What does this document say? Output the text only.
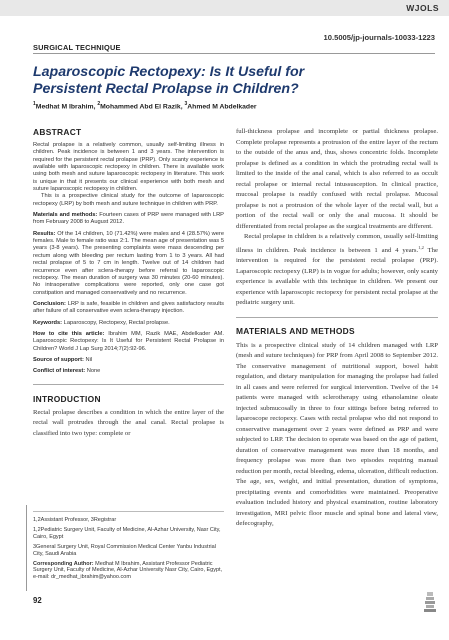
WJOLS
10.5005/jp-journals-10033-1223
SURGICAL TECHNIQUE
Laparoscopic Rectopexy: Is It Useful for Persistent Rectal Prolapse in Children?
$^1$Medhat M Ibrahim, $^2$Mohammed Abd El Razik, $^3$Ahmed M Abdelkader
ABSTRACT

Rectal prolapse is a relatively common, usually self-limiting illness in children. Peak incidence is between 1 and 3 years. The intervention is required for the persistent rectal prolapse (PRP). Only scanty experience is available with laparoscopic rectopexy in children. There is available work using both mesh and suture laparoscopic rectopexy in literature. This work is unique in that it presents our clinical experience with both mesh and suture laparoscopic rectopexy in children.

This is a prospective clinical study for the outcome of laparoscopic rectopexy (LRP) by both mesh and suture technique in children with PRP.

Materials and methods: Fourteen cases of PRP were managed with LRP from February 2008 to August 2012.

Results: Of the 14 children, 10 (71.42%) were males and 4 (28.57%) were females. Male to female ratio was 2:1. The mean age of presentation was 5 years (3-8 years). The presenting complaints were mass descending per rectum along with bleeding per rectum lasting from 1 to 3 years. All had rectal prolapse of 5 to 7 cm in length. Twelve out of 14 children had recurrence even after sclera-therapy before referral to laparoscopic rectopexy. The mean duration of surgery was 30 minutes (20-60 minutes). No intraoperative complications were reported, only one case got constipation and managed conservatively and no recurrence.

Conclusion: LRP is safe, feasible in children and gives satisfactory results after failure of all conservative even sclera-therapy injection.

Keywords: Laparoscopy, Rectopexy, Rectal prolapse.

How to cite this article: Ibrahim MM, Razik MAE, Abdelkader AM. Laparoscopic Rectopexy: Is It Useful for Persistent Rectal Prolapse in Children? World J Lap Surg 2014;7(2):92-96.

Source of support: Nil

Conflict of interest: None

INTRODUCTION

Rectal prolapse describes a condition in which the entire layer of the rectal wall protrudes through the anal canal. Rectal prolapse is classified into two type: complete or

1,2Assistant Professor, 3Registrar

1,2Pediatric Surgery Unit, Faculty of Medicine, Al-Azhar University, Nasr City, Cairo, Egypt

3General Surgery Unit, Royal Commission Medical Center Yanbu Industrial City, Saudi Arabia

Corresponding Author: Medhat M Ibrahim, Assistant Professor Pediatric Surgery Unit, Faculty of Medicine, Al-Azhar University Nasr City, Cairo, Egypt, e-mail: dr_medhat_ibrahim@yahoo.com

92

full-thickness prolapse and incomplete or partial thickness prolapse. Complete prolapse represents a protrusion of the entire layer of the rectum to the outside of the anus and, thus, shows concentric folds. Incomplete prolapse is defined as a condition in which the protruding rectal wall is limited to the inside of the anal canal, which is also referred to as occult rectal prolapse or internal rectal intussusception. In clinical practice, mucosal prolapse is readily confused with rectal prolapse. Mucosal prolapse is not a protrusion of the whole layer of the rectal wall, but a portion of the rectal wall or only the anal mucosa. It should be differentiated from rectal prolapse as the surgical treatments are different.

Rectal prolapse in children is a relatively common, usually self-limiting illness in children. Peak incidence is between 1 and 4 years.$^{1,2}$ The intervention is required for the persistent rectal prolapse (PRP). Laparoscopic rectopexy (LRP) is in vogue for adults; however, only scanty experience is available with this technique in children. We present our experience with laparoscopic rectopexy for persistent rectal prolapse at the pediatric surgery unit.

MATERIALS AND METHODS

This is a prospective clinical study of 14 children managed with LRP (mesh and suture techniques) for PRP from April 2008 to September 2012. The conservative management of nutritional support, bowel habit regulation, and dietary manipulation for managing the prolapse had failed in all cases and were referred for surgical intervention. Twelve of the 14 patients were managed with sclerotherapy using ethanolamine oleate injected submucosally in three to four sittings before being referred to laparoscope rectopexy. Cases with rectal prolapse who did not respond to conservative management over 2 years were defined as PRP and were subjected to LRP. The decision to operate was based on the age of patient, duration of conservative management was more than 18 months, and frequency prolapse was more than two episodes requiring manual reduction per month, rectal bleeding, edema, ulceration, difficult reduction. The age, sex, weight, and initial presentation, duration of symptoms, precipitating events and comorbidities were maintained. Preoperative evaluation included history and physical examination, routine laboratory investigation, MRI pelvic floor muscle and spinal bone and lateral view, defecography,
